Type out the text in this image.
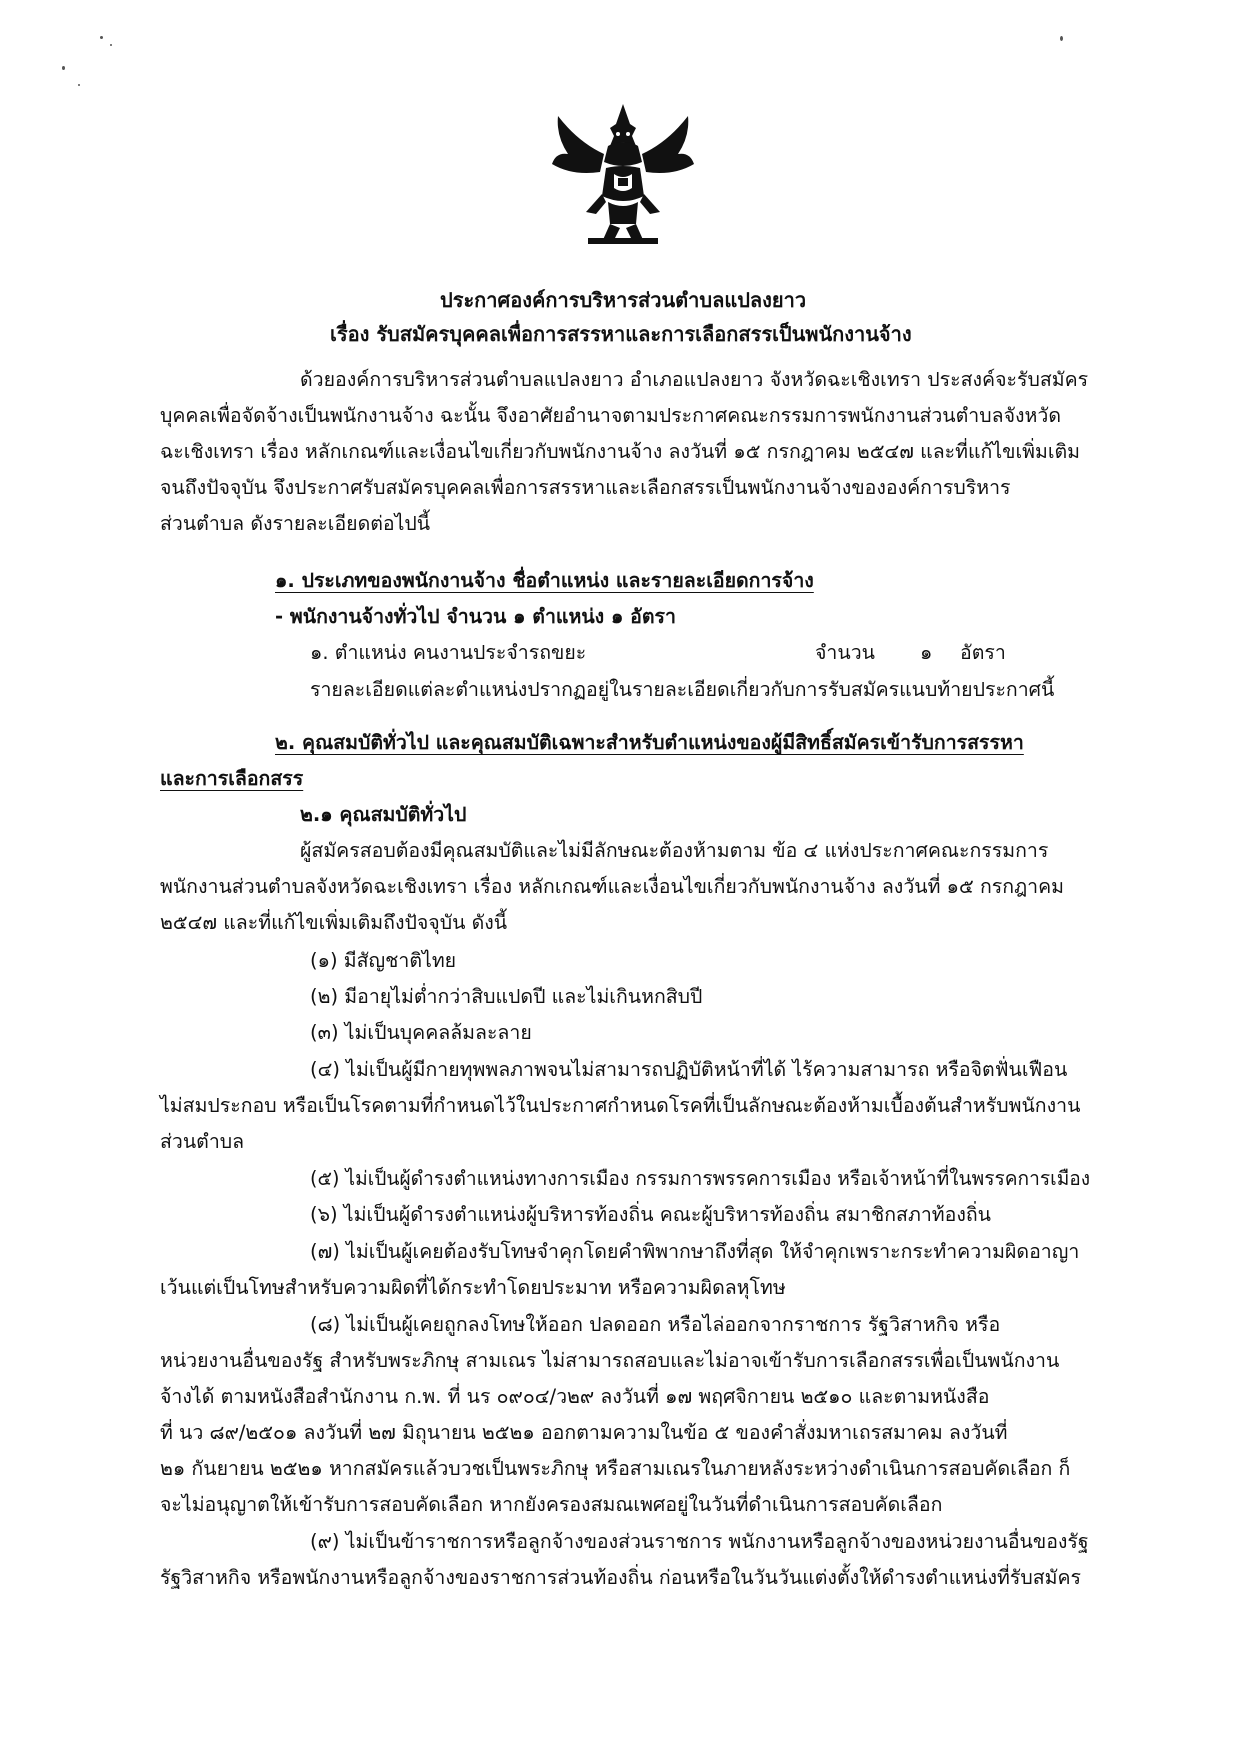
ประกาศองค์การบริหารส่วนตำบลแปลงยาว
เรื่อง รับสมัครบุคคลเพื่อการสรรหาและการเลือกสรรเป็นพนักงานจ้าง
ด้วยองค์การบริหารส่วนตำบลแปลงยาว อำเภอแปลงยาว จังหวัดฉะเชิงเทรา ประสงค์จะรับสมัคร
บุคคลเพื่อจัดจ้างเป็นพนักงานจ้าง ฉะนั้น จึงอาศัยอำนาจตามประกาศคณะกรรมการพนักงานส่วนตำบลจังหวัด
ฉะเชิงเทรา เรื่อง หลักเกณฑ์และเงื่อนไขเกี่ยวกับพนักงานจ้าง ลงวันที่ ๑๕ กรกฎาคม ๒๕๔๗ และที่แก้ไขเพิ่มเติม
จนถึงปัจจุบัน จึงประกาศรับสมัครบุคคลเพื่อการสรรหาและเลือกสรรเป็นพนักงานจ้างขององค์การบริหาร
ส่วนตำบล ดังรายละเอียดต่อไปนี้
๑. ประเภทของพนักงานจ้าง ชื่อตำแหน่ง และรายละเอียดการจ้าง
- พนักงานจ้างทั่วไป จำนวน ๑ ตำแหน่ง ๑ อัตรา
๑. ตำแหน่ง คนงานประจำรถขยะ	จำนวน ๑ อัตรา
รายละเอียดแต่ละตำแหน่งปรากฏอยู่ในรายละเอียดเกี่ยวกับการรับสมัครแนบท้ายประกาศนี้
๒. คุณสมบัติทั่วไป และคุณสมบัติเฉพาะสำหรับตำแหน่งของผู้มีสิทธิ์สมัครเข้ารับการสรรหา
และการเลือกสรร
๒.๑ คุณสมบัติทั่วไป
ผู้สมัครสอบต้องมีคุณสมบัติและไม่มีลักษณะต้องห้ามตาม ข้อ ๔ แห่งประกาศคณะกรรมการ
พนักงานส่วนตำบลจังหวัดฉะเชิงเทรา เรื่อง หลักเกณฑ์และเงื่อนไขเกี่ยวกับพนักงานจ้าง ลงวันที่ ๑๕ กรกฎาคม
๒๕๔๗ และที่แก้ไขเพิ่มเติมถึงปัจจุบัน ดังนี้
(๑) มีสัญชาติไทย
(๒) มีอายุไม่ต่ำกว่าสิบแปดปี และไม่เกินหกสิบปี
(๓) ไม่เป็นบุคคลล้มละลาย
(๔) ไม่เป็นผู้มีกายทุพพลภาพจนไม่สามารถปฏิบัติหน้าที่ได้ ไร้ความสามารถ หรือจิตฟั่นเฟือน
ไม่สมประกอบ หรือเป็นโรคตามที่กำหนดไว้ในประกาศกำหนดโรคที่เป็นลักษณะต้องห้ามเบื้องต้นสำหรับพนักงาน
ส่วนตำบล
(๕) ไม่เป็นผู้ดำรงตำแหน่งทางการเมือง กรรมการพรรคการเมือง หรือเจ้าหน้าที่ในพรรคการเมือง
(๖) ไม่เป็นผู้ดำรงตำแหน่งผู้บริหารท้องถิ่น คณะผู้บริหารท้องถิ่น สมาชิกสภาท้องถิ่น
(๗) ไม่เป็นผู้เคยต้องรับโทษจำคุกโดยคำพิพากษาถึงที่สุด ให้จำคุกเพราะกระทำความผิดอาญา
เว้นแต่เป็นโทษสำหรับความผิดที่ได้กระทำโดยประมาท หรือความผิดลหุโทษ
(๘) ไม่เป็นผู้เคยถูกลงโทษให้ออก ปลดออก หรือไล่ออกจากราชการ รัฐวิสาหกิจ หรือ
หน่วยงานอื่นของรัฐ สำหรับพระภิกษุ สามเณร ไม่สามารถสอบและไม่อาจเข้ารับการเลือกสรรเพื่อเป็นพนักงาน
จ้างได้ ตามหนังสือสำนักงาน ก.พ. ที่ นร ๐๙๐๔/ว๒๙ ลงวันที่ ๑๗ พฤศจิกายน ๒๕๑๐ และตามหนังสือ
ที่ นว ๘๙/๒๕๐๑ ลงวันที่ ๒๗ มิถุนายน ๒๕๒๑ ออกตามความในข้อ ๕ ของคำสั่งมหาเถรสมาคม ลงวันที่
๒๑ กันยายน ๒๕๒๑ หากสมัครแล้วบวชเป็นพระภิกษุ หรือสามเณรในภายหลังระหว่างดำเนินการสอบคัดเลือก ก็
จะไม่อนุญาตให้เข้ารับการสอบคัดเลือก หากยังครองสมณเพศอยู่ในวันที่ดำเนินการสอบคัดเลือก
(๙) ไม่เป็นข้าราชการหรือลูกจ้างของส่วนราชการ พนักงานหรือลูกจ้างของหน่วยงานอื่นของรัฐ
รัฐวิสาหกิจ หรือพนักงานหรือลูกจ้างของราชการส่วนท้องถิ่น ก่อนหรือในวันวันแต่งตั้งให้ดำรงตำแหน่งที่รับสมัคร
